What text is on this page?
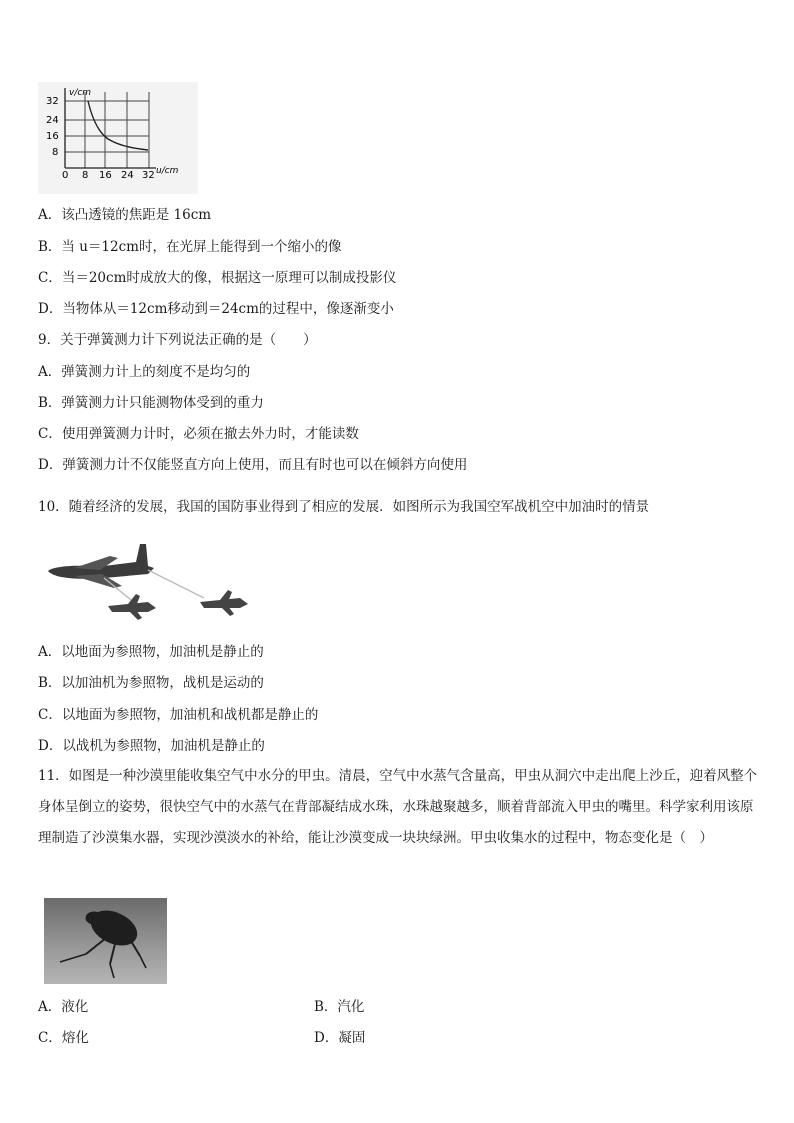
v/cm
u/cm
32
24
16
8
0 8 16 24 32
A．该凸透镜的焦距是 16cm
B．当 u＝12cm时，在光屏上能得到一个缩小的像
C．当＝20cm时成放大的像，根据这一原理可以制成投影仪
D．当物体从＝12cm移动到＝24cm的过程中，像逐渐变小
9．关于弹簧测力计下列说法正确的是（　　）
A．弹簧测力计上的刻度不是均匀的
B．弹簧测力计只能测物体受到的重力
C．使用弹簧测力计时，必须在撤去外力时，才能读数
D．弹簧测力计不仅能竖直方向上使用，而且有时也可以在倾斜方向使用
10．随着经济的发展，我国的国防事业得到了相应的发展．如图所示为我国空军战机空中加油时的情景
A．以地面为参照物，加油机是静止的
B．以加油机为参照物，战机是运动的
C．以地面为参照物，加油机和战机都是静止的
D．以战机为参照物，加油机是静止的
11．如图是一种沙漠里能收集空气中水分的甲虫。清晨，空气中水蒸气含量高，甲虫从洞穴中走出爬上沙丘，迎着风整个身体呈倒立的姿势，很快空气中的水蒸气在背部凝结成水珠，水珠越聚越多，顺着背部流入甲虫的嘴里。科学家利用该原理制造了沙漠集水器，实现沙漠淡水的补给，能让沙漠变成一块块绿洲。甲虫收集水的过程中，物态变化是（　）
A．液化	B．汽化
C．熔化	D．凝固
